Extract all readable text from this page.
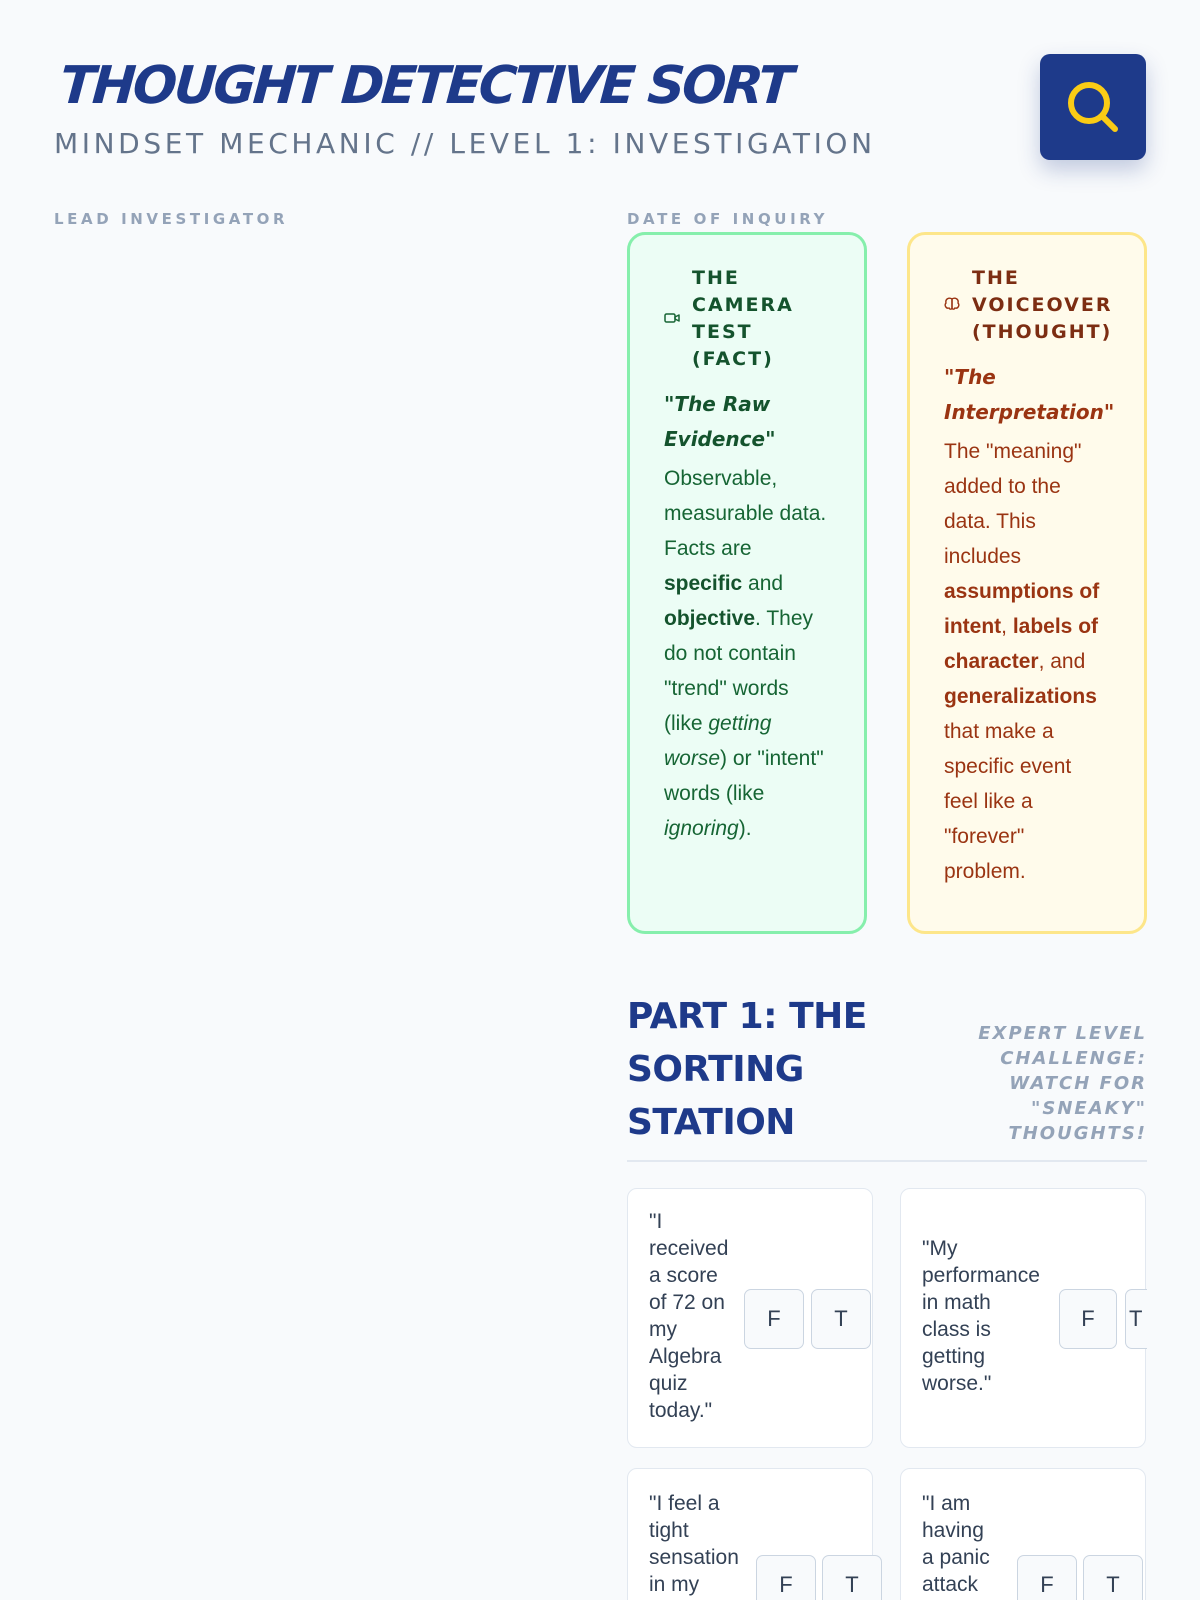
THOUGHT DETECTIVE SORT
MINDSET MECHANIC // LEVEL 1: INVESTIGATION
LEAD INVESTIGATOR	DATE OF INQUIRY
THE
CAMERA
TEST (FACT)
"The Raw
Evidence"
Observable, measurable data. Facts are specific and objective. They do not contain "trend" words (like getting worse) or "intent" words (like ignoring).
THE
VOICEOVER
(THOUGHT)
"The
Interpretation"
The "meaning" added to the data. This includes assumptions of intent, labels of character, and generalizations that make a specific event feel like a "forever" problem.
PART 1: THE
SORTING
STATION
EXPERT LEVEL
CHALLENGE:
WATCH FOR
"SNEAKY"
THOUGHTS!
"I
received
a score
of 72 on
my
Algebra
quiz
today."
F	T
"My
performance
in math
class is
getting
worse."
F	T
"I feel a
tight
sensation
in my	F	T
"I am
having
a panic
attack	F	T
